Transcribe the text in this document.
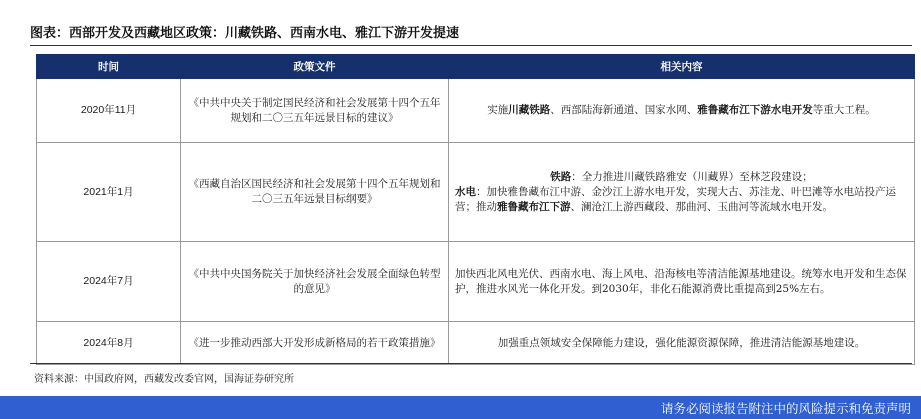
图表：西部开发及西藏地区政策：川藏铁路、西南水电、雅江下游开发提速
时间	政策文件	相关内容
2020年11月	《中共中央关于制定国民经济和社会发展第十四个五年规划和二〇三五年远景目标的建议》	实施川藏铁路、西部陆海新通道、国家水网、雅鲁藏布江下游水电开发等重大工程。
2021年1月	《西藏自治区国民经济和社会发展第十四个五年规划和二〇三五年远景目标纲要》	铁路：全力推进川藏铁路雅安（川藏界）至林芝段建设；
水电：加快雅鲁藏布江中游、金沙江上游水电开发，实现大古、苏洼龙、叶巴滩等水电站投产运营；推动雅鲁藏布江下游、澜沧江上游西藏段、那曲河、玉曲河等流域水电开发。

2024年7月	《中共中央国务院关于加快经济社会发展全面绿色转型的意见》	加快西北风电光伏、西南水电、海上风电、沿海核电等清洁能源基地建设。统筹水电开发和生态保护，推进水风光一体化开发。到2030年，非化石能源消费比重提高到25%左右。
2024年8月	《进一步推动西部大开发形成新格局的若干政策措施》	加强重点领域安全保障能力建设，强化能源资源保障，推进清洁能源基地建设。
资料来源：中国政府网，西藏发改委官网，国海证券研究所
请务必阅读报告附注中的风险提示和免责声明
